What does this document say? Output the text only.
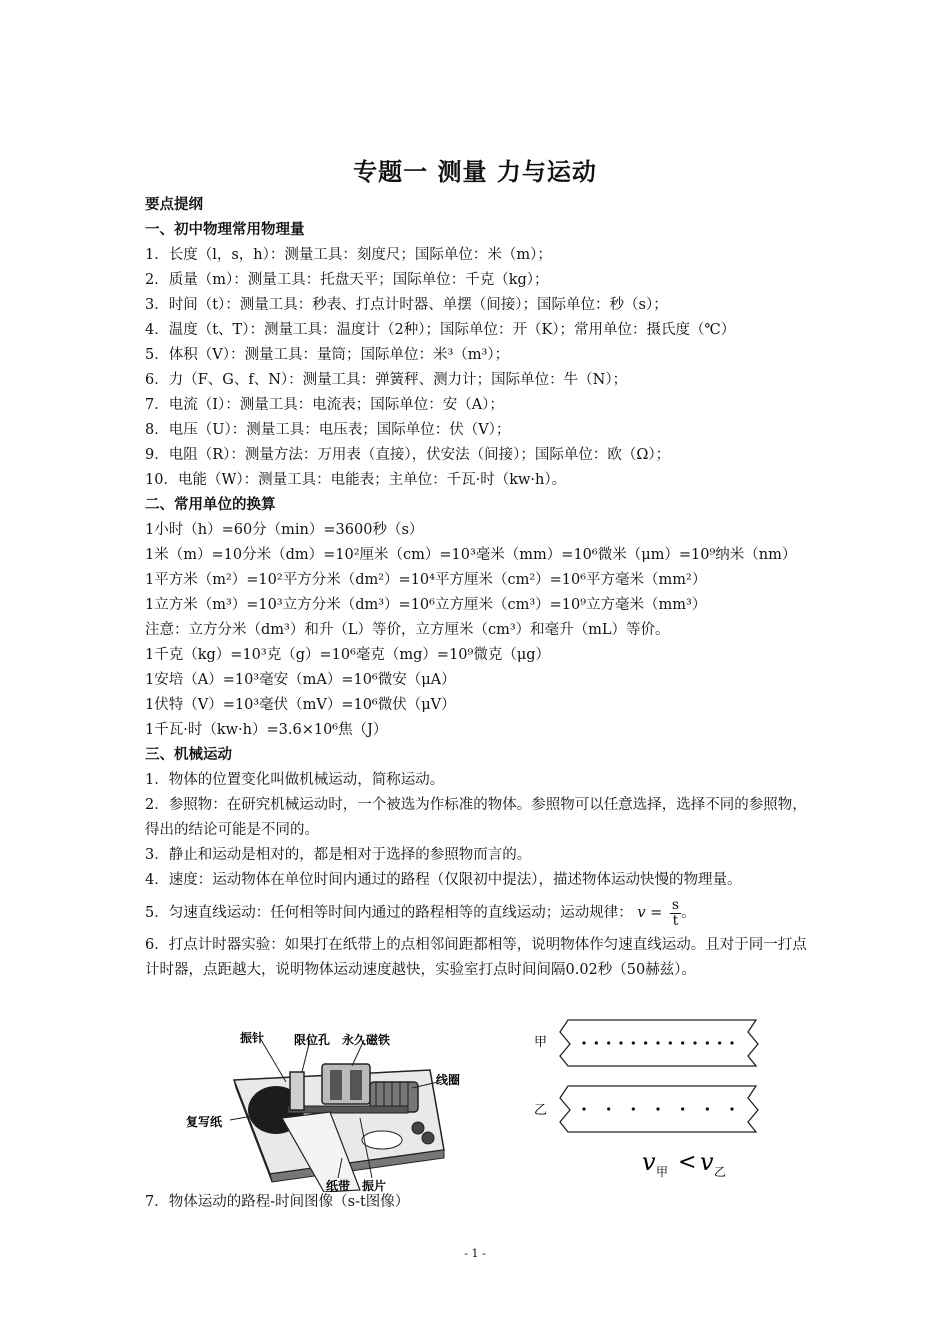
专题一 测量 力与运动
要点提纲
一、初中物理常用物理量
1．长度（l，s，h）：测量工具：刻度尺；国际单位：米（m）；
2．质量（m）：测量工具：托盘天平；国际单位：千克（kg）；
3．时间（t）：测量工具：秒表、打点计时器、单摆（间接）；国际单位：秒（s）；
4．温度（t、T）：测量工具：温度计（2种）；国际单位：开（K）；常用单位：摄氏度（℃）
5．体积（V）：测量工具：量筒；国际单位：米³（m³）；
6．力（F、G、f、N）：测量工具：弹簧秤、测力计；国际单位：牛（N）；
7．电流（I）：测量工具：电流表；国际单位：安（A）；
8．电压（U）：测量工具：电压表；国际单位：伏（V）；
9．电阻（R）：测量方法：万用表（直接），伏安法（间接）；国际单位：欧（Ω）；
10．电能（W）：测量工具：电能表；主单位：千瓦·时（kw·h）。
二、常用单位的换算
1小时（h）=60分（min）=3600秒（s）
1米（m）=10分米（dm）=10²厘米（cm）=10³毫米（mm）=10⁶微米（μm）=10⁹纳米（nm）
1平方米（m²）=10²平方分米（dm²）=10⁴平方厘米（cm²）=10⁶平方毫米（mm²）
1立方米（m³）=10³立方分米（dm³）=10⁶立方厘米（cm³）=10⁹立方毫米（mm³）
注意：立方分米（dm³）和升（L）等价，立方厘米（cm³）和毫升（mL）等价。
1千克（kg）=10³克（g）=10⁶毫克（mg）=10⁹微克（μg）
1安培（A）=10³毫安（mA）=10⁶微安（μA）
1伏特（V）=10³毫伏（mV）=10⁶微伏（μV）
1千瓦·时（kw·h）=3.6×10⁶焦（J）
三、机械运动
1．物体的位置变化叫做机械运动，简称运动。
2．参照物：在研究机械运动时，一个被选为作标准的物体。参照物可以任意选择，选择不同的参照物，得出的结论可能是不同的。
3．静止和运动是相对的，都是相对于选择的参照物而言的。
4．速度：运动物体在单位时间内通过的路程（仅限初中提法），描述物体运动快慢的物理量。
5．匀速直线运动：任何相等时间内通过的路程相等的直线运动；运动规律： $v = \frac{s}{t}$ 。
6．打点计时器实验：如果打在纸带上的点相邻间距都相等，说明物体作匀速直线运动。且对于同一打点计时器，点距越大，说明物体运动速度越快，实验室打点时间间隔0.02秒（50赫兹）。
振针 限位孔 永久磁铁
线圈
复写纸
纸带 振片
甲
乙
v 甲 < v 乙
7．物体运动的路程-时间图像（s-t图像）
- 1 -
